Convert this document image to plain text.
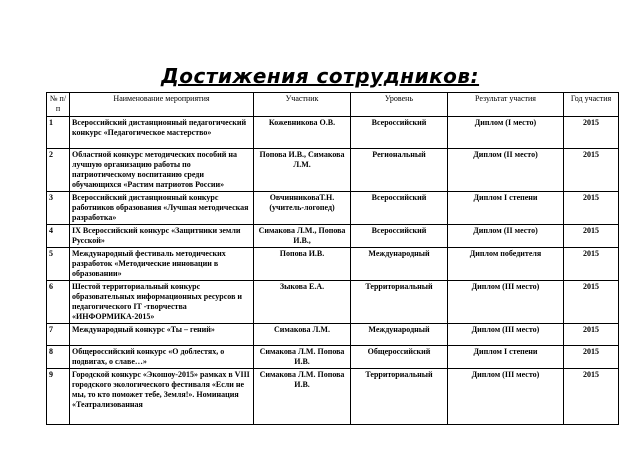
Достижения сотрудников:
№ п/п	Наименование мероприятия	Участник	Уровень	Результат участия	Год участия
1	Всероссийский дистанционный педагогический конкурс «Педагогическое мастерство»	Кожевникова О.В.	Всероссийский	Диплом (I место)	2015
2	Областной конкурс методических пособий на лучшую организацию работы по патриотическому воспитанию среди обучающихся «Растим патриотов России»	Попова И.В., Симакова Л.М.	Региональный	Диплом (II место)	2015
3	Всероссийский дистанционный конкурс работников образования «Лучшая методическая разработка»	ОвчинниковаТ.Н. (учитель-логопед)	Всероссийский	Диплом I степени	2015
4	IX Всероссийский конкурс «Защитники земли Русской»	Симакова Л.М., Попова И.В.,	Всероссийский	Диплом (II место)	2015
5	Международный фестиваль методических разработок «Методические инновации в образовании»	Попова И.В.	Международный	Диплом победителя	2015
6	Шестой территориальный конкурс образовательных информационных ресурсов и педагогического IT -творчества «ИНФОРМИКА-2015»	Зыкова Е.А.	Территориальный	Диплом (III место)	2015
7	Международный конкурс «Ты – гений»	Симакова Л.М.	Международный	Диплом (III место)	2015
8	Общероссийский конкурс «О доблестях, о подвигах, о славе…»	Симакова Л.М. Попова И.В.	Общероссийский	Диплом I степени	2015
9	Городской конкурс «Экошоу-2015» рамках в VIII городского экологического фестиваля «Если не мы, то кто поможет тебе, Земля!». Номинация «Театрализованная	Симакова Л.М. Попова И.В.	Территориальный	Диплом (III место)	2015
